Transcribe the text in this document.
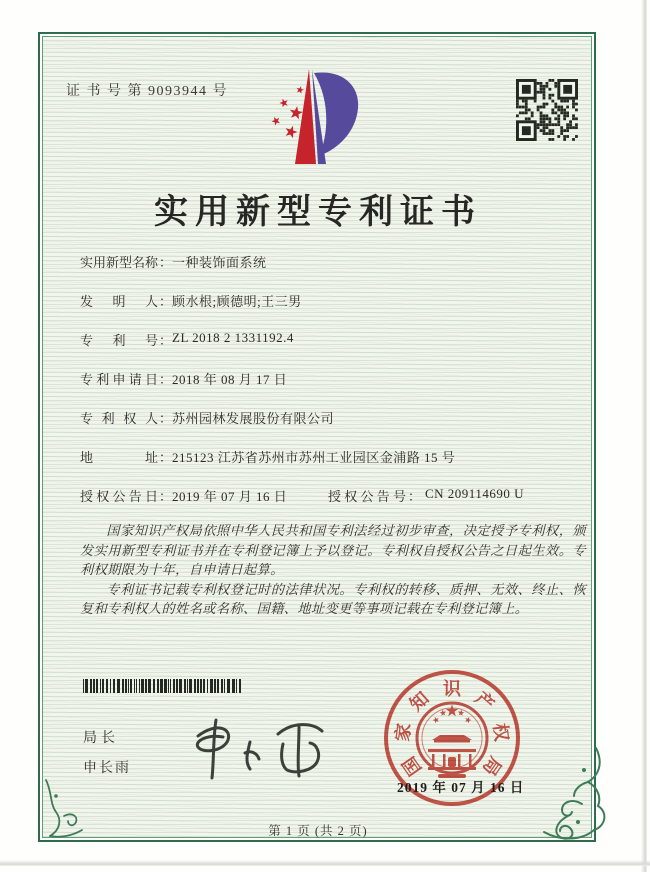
证 书 号 第 9093944 号
实用新型专利证书
实用新型名称： 一种装饰面系统
发明人： 顾水根;顾德明;王三男
专利号： ZL 2018 2 1331192.4
专利申请日： 2018 年 08 月 17 日
专利权人： 苏州园林发展股份有限公司
地址： 215123 江苏省苏州市苏州工业园区金浦路 15 号
授权公告日： 2019 年 07 月 16 日	授权公告号 ： CN 209114690 U

国家知识产权局依照中华人民共和国专利法经过初步审查，决定授予专利权，颁发实用新型专利证书并在专利登记簿上予以登记。专利权自授权公告之日起生效。专利权期限为十年，自申请日起算。

专利证书记载专利权登记时的法律状况。专利权的转移、质押、无效、终止、恢复和专利权人的姓名或名称、国籍、地址变更等事项记载在专利登记簿上。

局长
申长雨	国
家
知 识 产
权
局
2019 年 07 月 16 日
第 1 页 (共 2 页)
